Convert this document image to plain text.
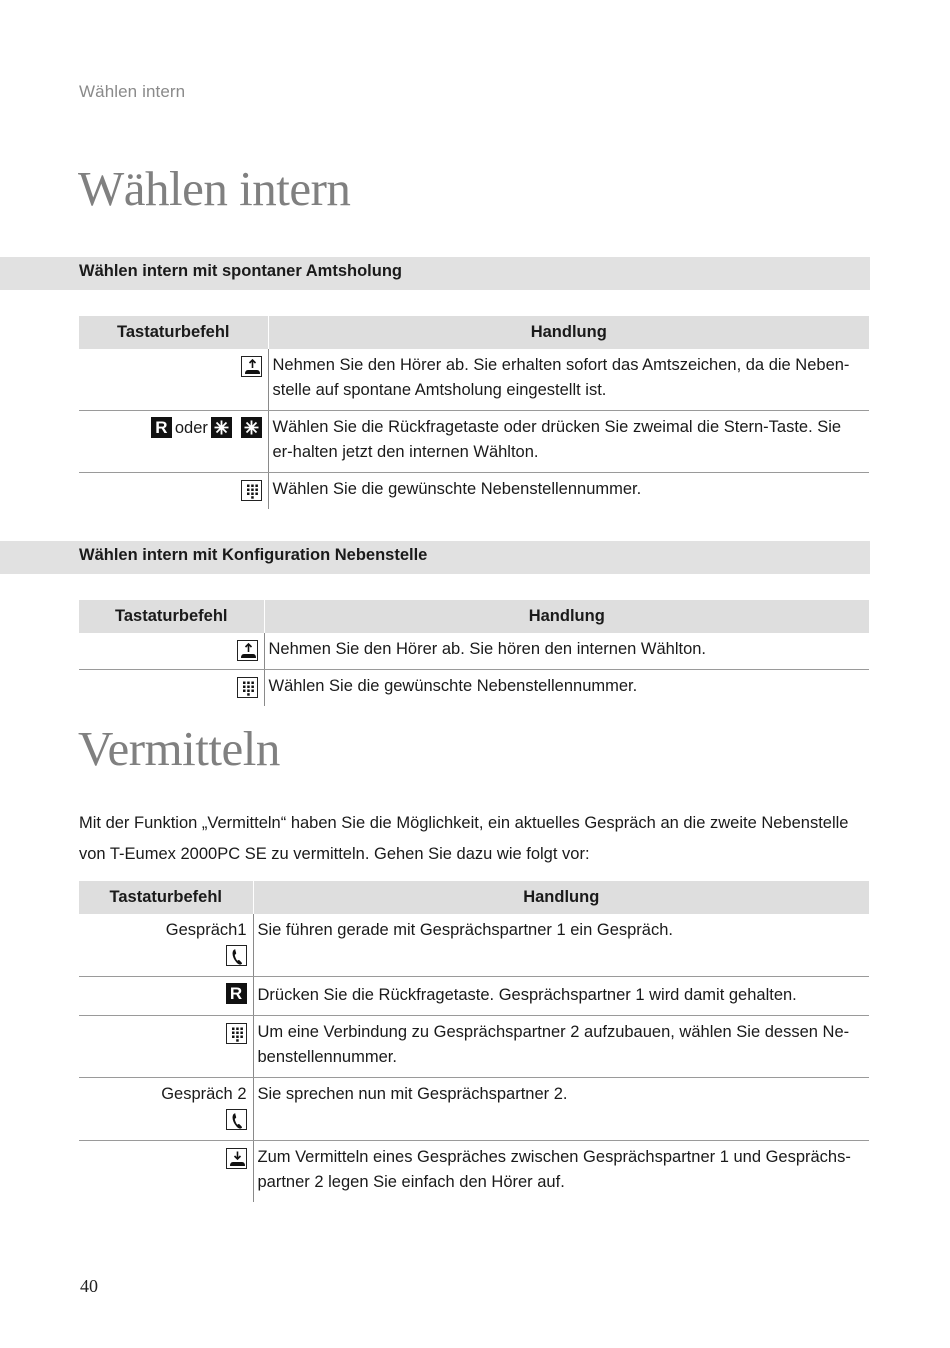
Wählen intern
Wählen intern
Wählen intern mit spontaner Amtsholung
Tastaturbefehl	Handlung

	Nehmen Sie den Hörer ab. Sie erhalten sofort das Amtszeichen, da die Neben-stelle auf spontane Amtsholung eingestellt ist.
R oder	Wählen Sie die Rückfragetaste oder drücken Sie zweimal die Stern-Taste. Sie er-halten jetzt den internen Wählton.

	Wählen Sie die gewünschte Nebenstellennummer.
Wählen intern mit Konfiguration Nebenstelle
Tastaturbefehl	Handlung

	Nehmen Sie den Hörer ab. Sie hören den internen Wählton.

	Wählen Sie die gewünschte Nebenstellennummer.
Vermitteln

Mit der Funktion „Vermitteln“ haben Sie die Möglichkeit, ein aktuelles Gespräch an die zweite Nebenstelle von T-Eumex 2000PC SE zu vermitteln. Gehen Sie dazu wie folgt vor:

Tastaturbefehl	Handlung

Gespräch1	Sie führen gerade mit Gesprächspartner 1 ein Gespräch.
R	Drücken Sie die Rückfragetaste. Gesprächspartner 1 wird damit gehalten.

	Um eine Verbindung zu Gesprächspartner 2 aufzubauen, wählen Sie dessen Ne-benstellennummer.

Gespräch 2	Sie sprechen nun mit Gesprächspartner 2.

	Zum Vermitteln eines Gespräches zwischen Gesprächspartner 1 und Gesprächs-partner 2 legen Sie einfach den Hörer auf.
40
